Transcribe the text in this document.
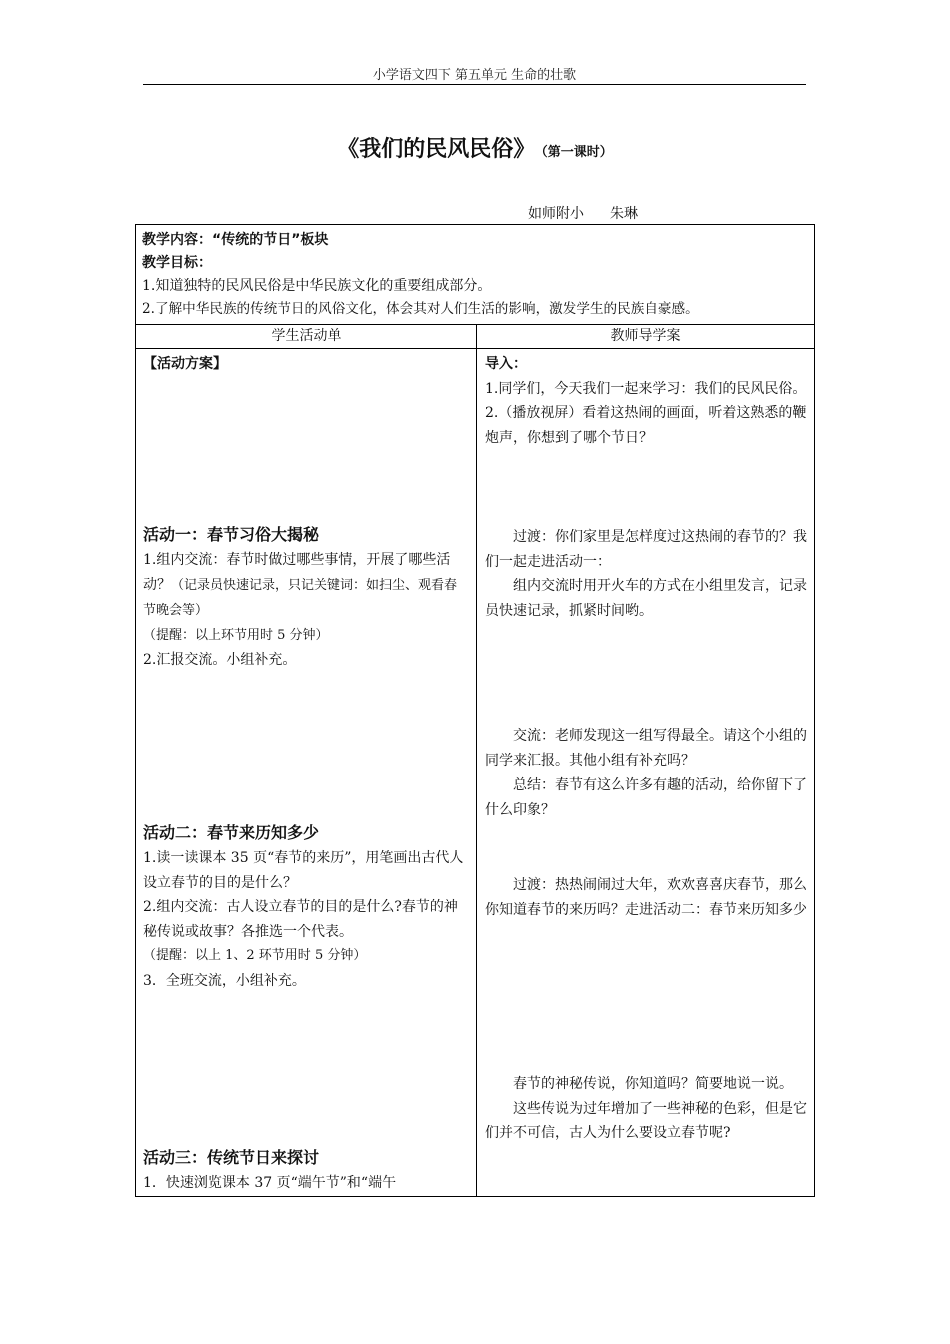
小学语文四下 第五单元 生命的壮歌
《我们的民风民俗》 （第一课时）
如师附小 朱琳

教学内容：“传统的节日”板块

教学目标：

1.知道独特的民风民俗是中华民族文化的重要组成部分。

2.了解中华民族的传统节日的风俗文化，体会其对人们生活的影响，激发学生的民族自豪感。

学生活动单	教师导学案
【活动方案】

活动一：春节习俗大揭秘

1.组内交流：春节时做过哪些事情，开展了哪些活动？（记录员快速记录，只记关键词：如扫尘、观看春节晚会等）

（提醒：以上环节用时 5 分钟）

2.汇报交流。小组补充。

活动二：春节来历知多少

1.读一读课本 35 页“春节的来历”，用笔画出古代人设立春节的目的是什么？

2.组内交流：古人设立春节的目的是什么?春节的神秘传说或故事？各推选一个代表。

（提醒：以上 1、2 环节用时 5 分钟）

3．全班交流，小组补充。

活动三：传统节日来探讨

1．快速浏览课本 37 页“端午节”和“端午

导入：

1.同学们，今天我们一起来学习：我们的民风民俗。

2.（播放视屏）看着这热闹的画面，听着这熟悉的鞭炮声，你想到了哪个节日？

过渡：你们家里是怎样度过这热闹的春节的？我们一起走进活动一：

组内交流时用开火车的方式在小组里发言，记录员快速记录，抓紧时间哟。

交流：老师发现这一组写得最全。请这个小组的同学来汇报。其他小组有补充吗？

总结：春节有这么许多有趣的活动，给你留下了什么印象？

过渡：热热闹闹过大年，欢欢喜喜庆春节，那么你知道春节的来历吗？走进活动二：春节来历知多少

春节的神秘传说，你知道吗？简要地说一说。

这些传说为过年增加了一些神秘的色彩，但是它们并不可信，古人为什么要设立春节呢?
